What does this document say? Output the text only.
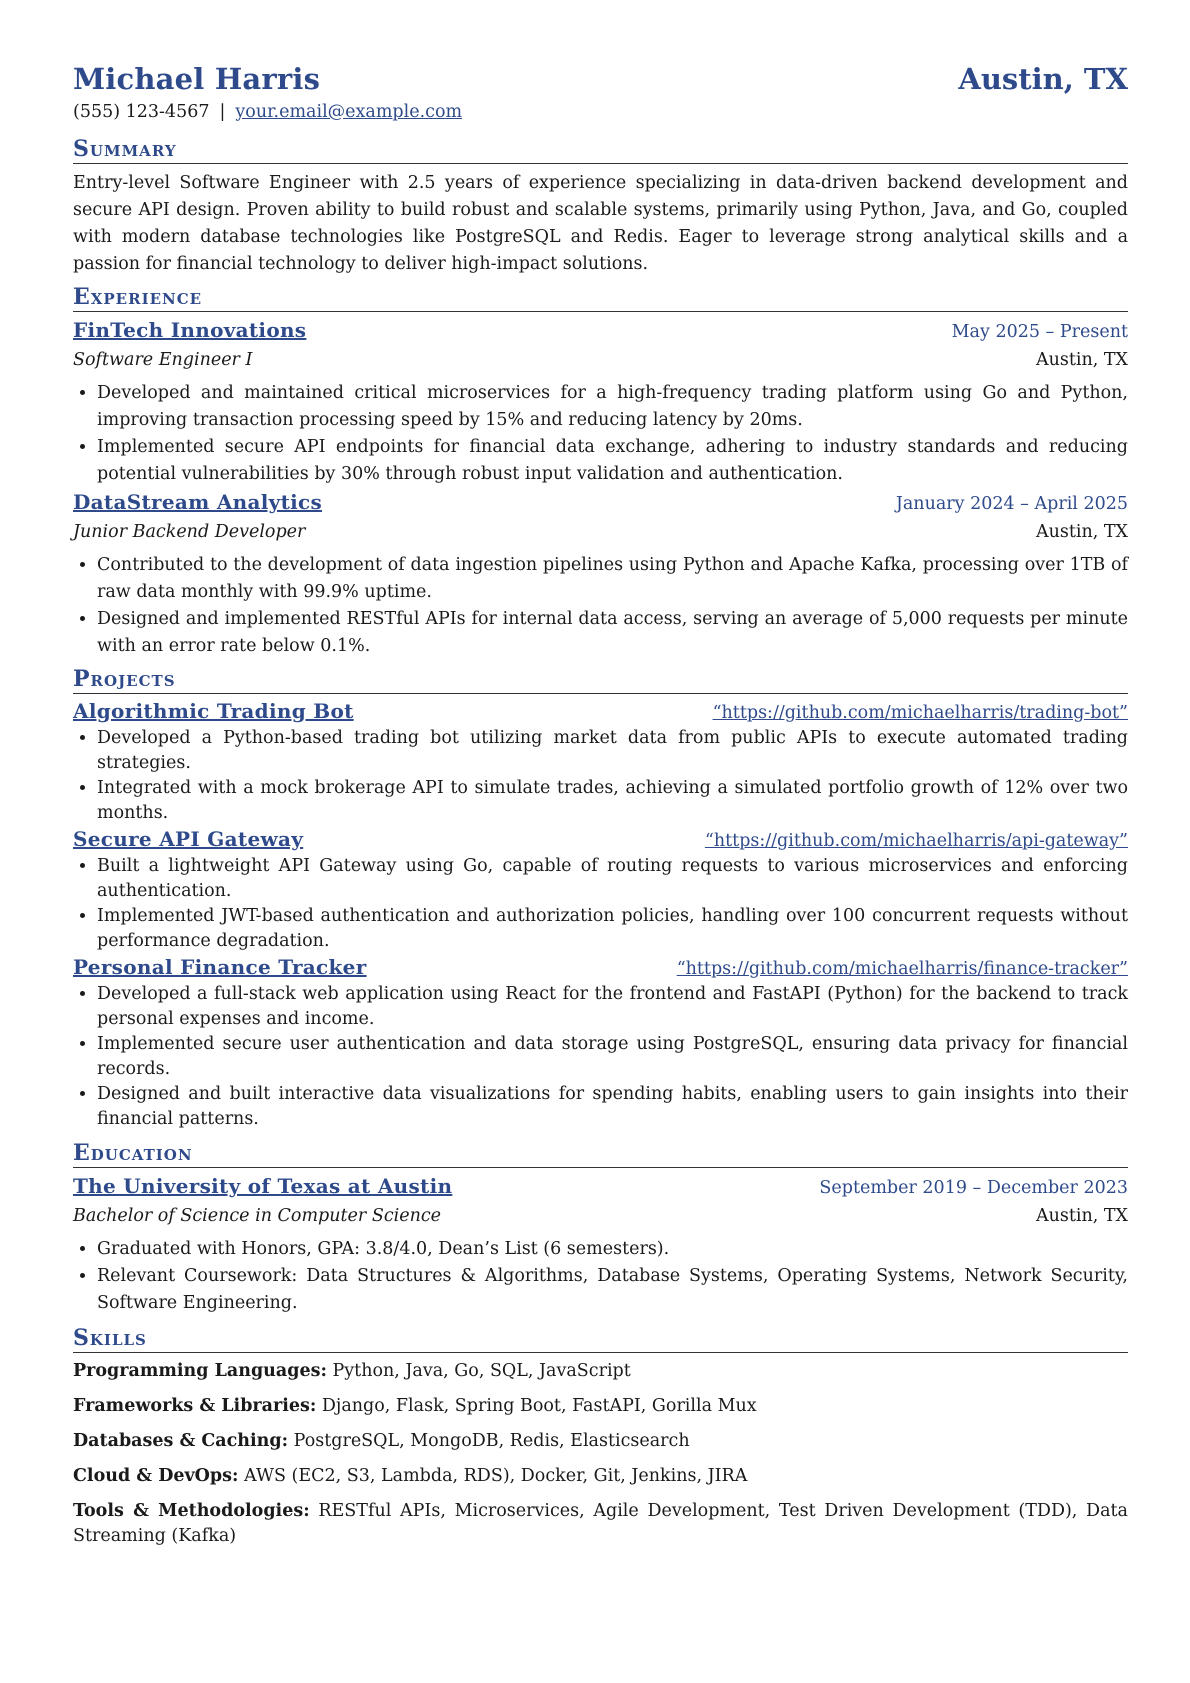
Michael Harris	Austin, TX
(555) 123-4567 | your.email@example.com
Summary
Entry-level Software Engineer with 2.5 years of experience specializing in data-driven backend development and secure API design. Proven ability to build robust and scalable systems, primarily using Python, Java, and Go, coupled with modern database technologies like PostgreSQL and Redis. Eager to leverage strong analytical skills and a passion for financial technology to deliver high-impact solutions.
Experience
FinTech Innovations	May 2025 – Present
Software Engineer I	Austin, TX
• Developed and maintained critical microservices for a high-frequency trading platform using Go and Python, improving transaction processing speed by 15% and reducing latency by 20ms.
• Implemented secure API endpoints for financial data exchange, adhering to industry standards and reducing potential vulnerabilities by 30% through robust input validation and authentication.
DataStream Analytics	January 2024 – April 2025
Junior Backend Developer	Austin, TX
• Contributed to the development of data ingestion pipelines using Python and Apache Kafka, processing over 1TB of raw data monthly with 99.9% uptime.
• Designed and implemented RESTful APIs for internal data access, serving an average of 5,000 requests per minute with an error rate below 0.1%.
Projects
Algorithmic Trading Bot	“https://github.com/michaelharris/trading-bot”
• Developed a Python-based trading bot utilizing market data from public APIs to execute automated trading strategies.
• Integrated with a mock brokerage API to simulate trades, achieving a simulated portfolio growth of 12% over two months.
Secure API Gateway	“https://github.com/michaelharris/api-gateway”
• Built a lightweight API Gateway using Go, capable of routing requests to various microservices and enforcing authentication.
• Implemented JWT-based authentication and authorization policies, handling over 100 concurrent requests without performance degradation.
Personal Finance Tracker	“https://github.com/michaelharris/finance-tracker”
• Developed a full-stack web application using React for the frontend and FastAPI (Python) for the backend to track personal expenses and income.
• Implemented secure user authentication and data storage using PostgreSQL, ensuring data privacy for financial records.
• Designed and built interactive data visualizations for spending habits, enabling users to gain insights into their financial patterns.
Education
The University of Texas at Austin	September 2019 – December 2023
Bachelor of Science in Computer Science	Austin, TX
• Graduated with Honors, GPA: 3.8/4.0, Dean’s List (6 semesters).
• Relevant Coursework: Data Structures & Algorithms, Database Systems, Operating Systems, Network Security, Software Engineering.
Skills
Programming Languages: Python, Java, Go, SQL, JavaScript
Frameworks & Libraries: Django, Flask, Spring Boot, FastAPI, Gorilla Mux
Databases & Caching: PostgreSQL, MongoDB, Redis, Elasticsearch
Cloud & DevOps: AWS (EC2, S3, Lambda, RDS), Docker, Git, Jenkins, JIRA
Tools & Methodologies: RESTful APIs, Microservices, Agile Development, Test Driven Development (TDD), Data Streaming (Kafka)
